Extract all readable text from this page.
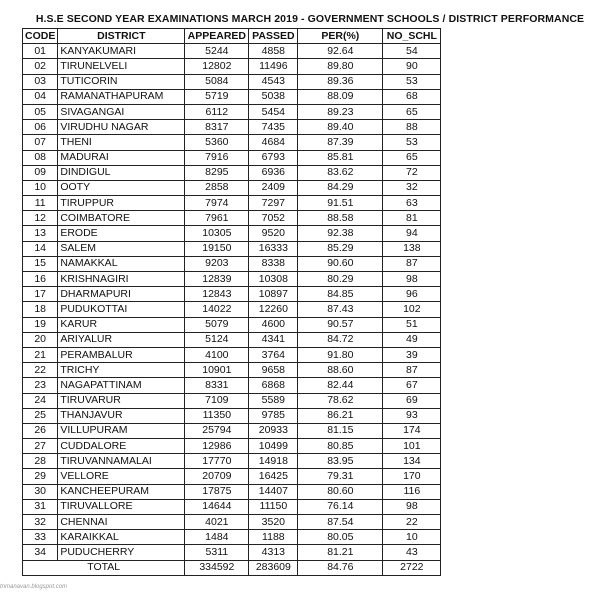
H.S.E SECOND YEAR EXAMINATIONS MARCH 2019 - GOVERNMENT SCHOOLS / DISTRICT PERFORMANCE
CODE	DISTRICT	APPEARED	PASSED	PER(%)	NO_SCHL
01	KANYAKUMARI	5244	4858	92.64	54
02	TIRUNELVELI	12802	11496	89.80	90
03	TUTICORIN	5084	4543	89.36	53
04	RAMANATHAPURAM	5719	5038	88.09	68
05	SIVAGANGAI	6112	5454	89.23	65
06	VIRUDHU NAGAR	8317	7435	89.40	88
07	THENI	5360	4684	87.39	53
08	MADURAI	7916	6793	85.81	65
09	DINDIGUL	8295	6936	83.62	72
10	OOTY	2858	2409	84.29	32
11	TIRUPPUR	7974	7297	91.51	63
12	COIMBATORE	7961	7052	88.58	81
13	ERODE	10305	9520	92.38	94
14	SALEM	19150	16333	85.29	138
15	NAMAKKAL	9203	8338	90.60	87
16	KRISHNAGIRI	12839	10308	80.29	98
17	DHARMAPURI	12843	10897	84.85	96
18	PUDUKOTTAI	14022	12260	87.43	102
19	KARUR	5079	4600	90.57	51
20	ARIYALUR	5124	4341	84.72	49
21	PERAMBALUR	4100	3764	91.80	39
22	TRICHY	10901	9658	88.60	87
23	NAGAPATTINAM	8331	6868	82.44	67
24	TIRUVARUR	7109	5589	78.62	69
25	THANJAVUR	11350	9785	86.21	93
26	VILLUPURAM	25794	20933	81.15	174
27	CUDDALORE	12986	10499	80.85	101
28	TIRUVANNAMALAI	17770	14918	83.95	134
29	VELLORE	20709	16425	79.31	170
30	KANCHEEPURAM	17875	14407	80.60	116
31	TIRUVALLORE	14644	11150	76.14	98
32	CHENNAI	4021	3520	87.54	22
33	KARAIKKAL	1484	1188	80.05	10
34	PUDUCHERRY	5311	4313	81.21	43
TOTAL		334592	283609	84.76	2722
tnmanavan.blogspot.com
